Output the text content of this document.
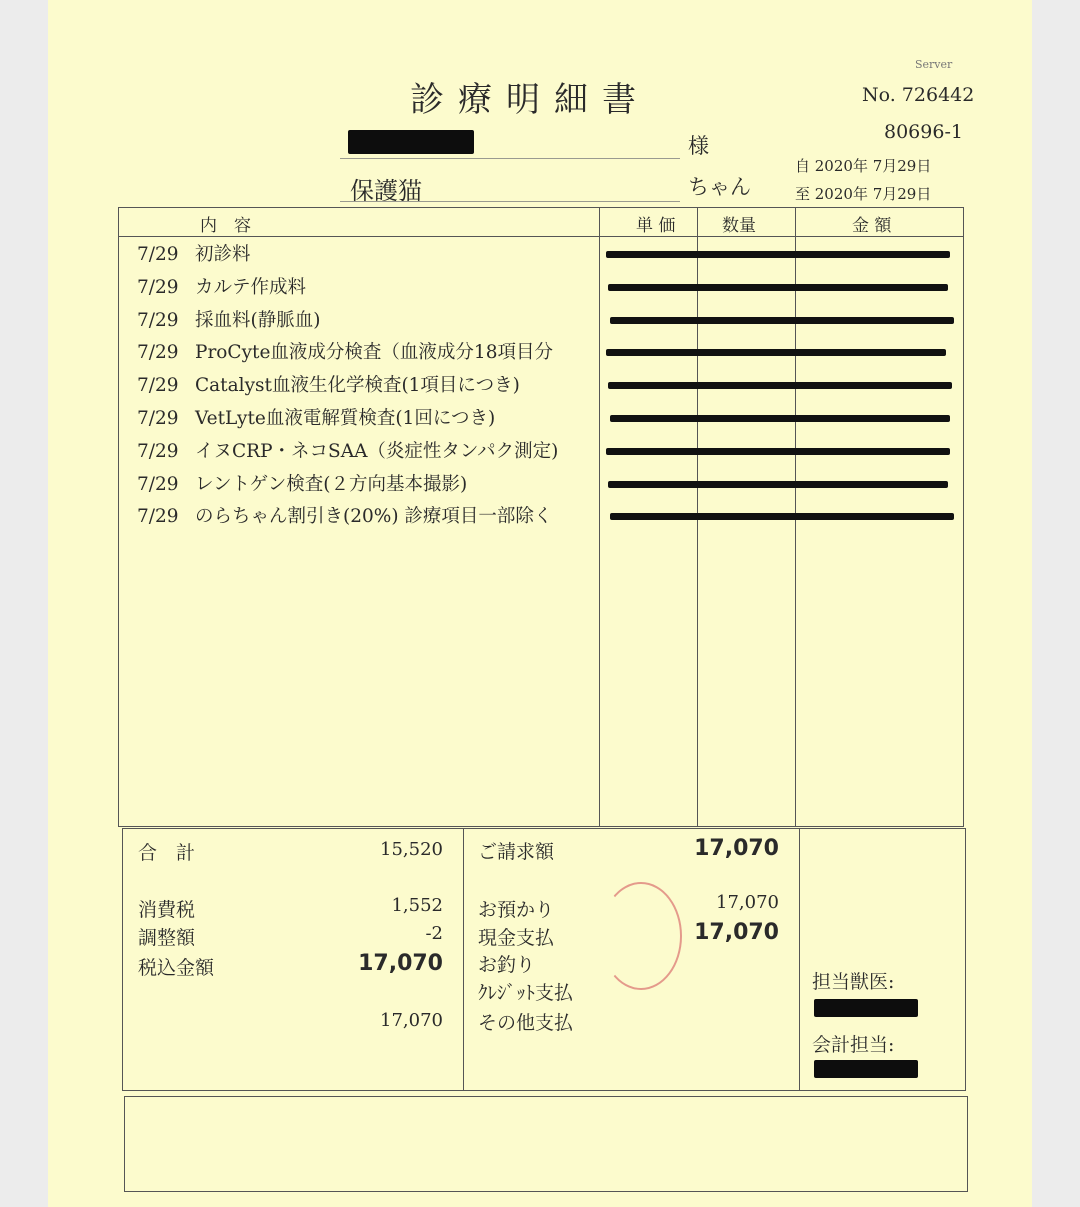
診療明細書
Server
No. 726442
80696-1
様
保護猫	ちゃん
自 2020年 7月29日
至 2020年 7月29日
内　容	単 価	数量	金 額
7/29 初診料
7/29 カルテ作成料
7/29 採血料(静脈血)
7/29 ProCyte血液成分検査（血液成分18項目分
7/29 Catalyst血液生化学検査(1項目につき)
7/29 VetLyte血液電解質検査(1回につき)
7/29 イヌCRP・ネコSAA（炎症性タンパク測定)
7/29 レントゲン検査(２方向基本撮影)
7/29 のらちゃん割引き(20%) 診療項目一部除く
合　計	15,520
消費税	1,552
調整額	-2
税込金額	17,070
17,070
ご請求額	17,070
お預かり	17,070
現金支払	17,070
お釣り
ｸﾚｼﾞｯﾄ支払
その他支払
担当獣医:
会計担当:
